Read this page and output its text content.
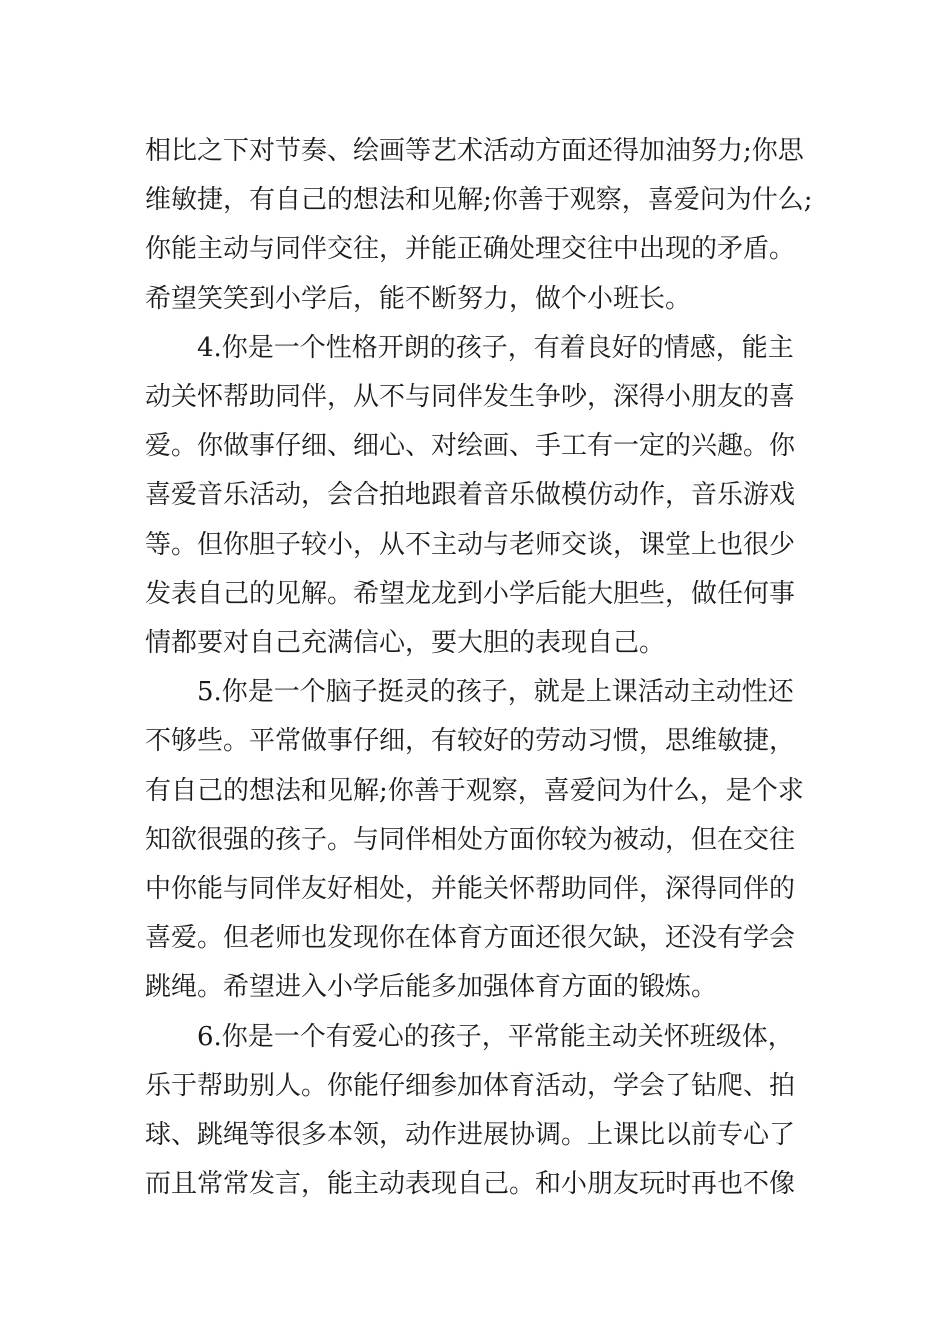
相比之下对节奏、绘画等艺术活动方面还得加油努力;你思

维敏捷，有自己的想法和见解;你善于观察，喜爱问为什么;

你能主动与同伴交往，并能正确处理交往中出现的矛盾。

希望笑笑到小学后，能不断努力，做个小班长。

4.你是一个性格开朗的孩子，有着良好的情感，能主

动关怀帮助同伴，从不与同伴发生争吵，深得小朋友的喜

爱。你做事仔细、细心、对绘画、手工有一定的兴趣。你

喜爱音乐活动，会合拍地跟着音乐做模仿动作，音乐游戏

等。但你胆子较小，从不主动与老师交谈，课堂上也很少

发表自己的见解。希望龙龙到小学后能大胆些，做任何事

情都要对自己充满信心，要大胆的表现自己。

5.你是一个脑子挺灵的孩子，就是上课活动主动性还

不够些。平常做事仔细，有较好的劳动习惯，思维敏捷，

有自己的想法和见解;你善于观察，喜爱问为什么，是个求

知欲很强的孩子。与同伴相处方面你较为被动，但在交往

中你能与同伴友好相处，并能关怀帮助同伴，深得同伴的

喜爱。但老师也发现你在体育方面还很欠缺，还没有学会

跳绳。希望进入小学后能多加强体育方面的锻炼。

6.你是一个有爱心的孩子，平常能主动关怀班级体，

乐于帮助别人。你能仔细参加体育活动，学会了钻爬、拍

球、跳绳等很多本领，动作进展协调。上课比以前专心了

而且常常发言，能主动表现自己。和小朋友玩时再也不像
